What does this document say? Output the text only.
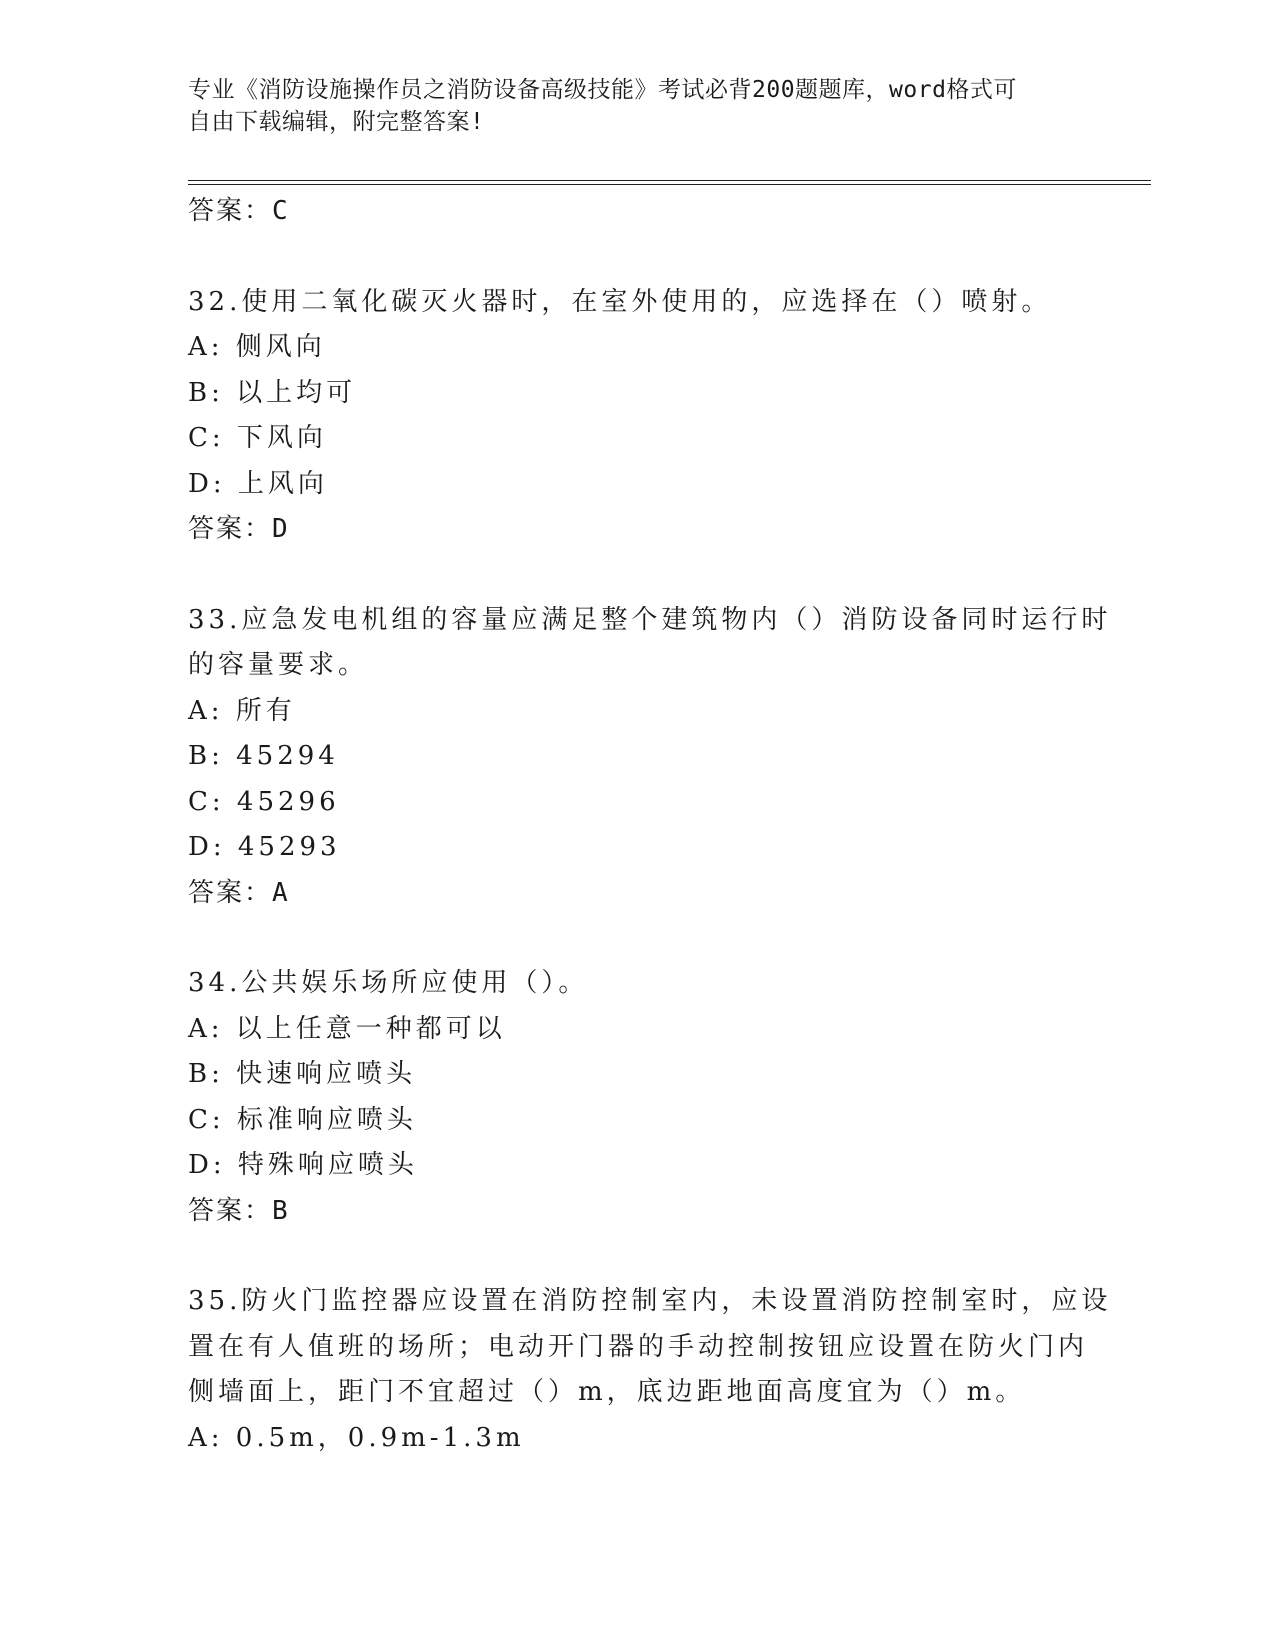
专业《消防设施操作员之消防设备高级技能》考试必背200题题库，word格式可
自由下载编辑，附完整答案!
答案：C
32.使用二氧化碳灭火器时，在室外使用的，应选择在（）喷射。
A: 侧风向
B: 以上均可
C: 下风向
D: 上风向
答案：D
33.应急发电机组的容量应满足整个建筑物内（）消防设备同时运行时
的容量要求。
A: 所有
B: 45294
C: 45296
D: 45293
答案：A
34.公共娱乐场所应使用（）。
A: 以上任意一种都可以
B: 快速响应喷头
C: 标准响应喷头
D: 特殊响应喷头
答案：B
35.防火门监控器应设置在消防控制室内，未设置消防控制室时，应设
置在有人值班的场所；电动开门器的手动控制按钮应设置在防火门内
侧墙面上，距门不宜超过（）m，底边距地面高度宜为（）m。
A: 0.5m，0.9m-1.3m
